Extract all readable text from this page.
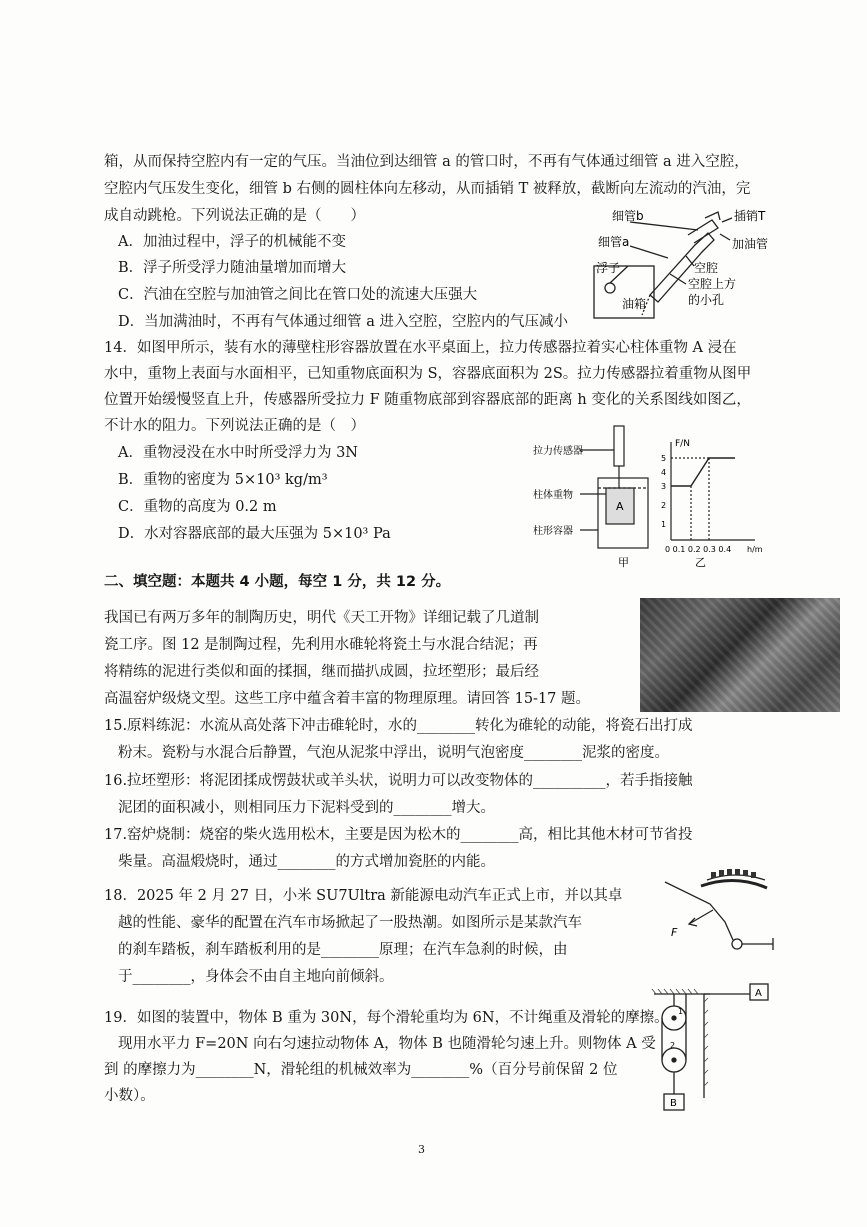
箱，从而保持空腔内有一定的气压。当油位到达细管 a 的管口时，不再有气体通过细管 a 进入空腔，
空腔内气压发生变化，细管 b 右侧的圆柱体向左移动，从而插销 T 被释放，截断向左流动的汽油，完
成自动跳枪。下列说法正确的是（　　）
A．加油过程中，浮子的机械能不变
B．浮子所受浮力随油量增加而增大
C．汽油在空腔与加油管之间比在管口处的流速大压强大
D．当加满油时，不再有气体通过细管 a 进入空腔，空腔内的气压减小
细管b	插销T
细管a	加油管
浮子	空腔
空腔上方
的小孔
油箱
14．如图甲所示，装有水的薄壁柱形容器放置在水平桌面上，拉力传感器拉着实心柱体重物 A 浸在
水中，重物上表面与水面相平，已知重物底面积为 S，容器底面积为 2S。拉力传感器拉着重物从图甲
位置开始缓慢竖直上升，传感器所受拉力 F 随重物底部到容器底部的距离 h 变化的关系图线如图乙，
不计水的阻力。下列说法正确的是（　）
A．重物浸没在水中时所受浮力为 3N
B．重物的密度为 5×10³ kg/m³
C．重物的高度为 0.2 m
D．水对容器底部的最大压强为 5×10³ Pa
拉力传感器
柱体重物
A
柱形容器
甲
F/N
5
4
3
2
1
0 0.1 0.2 0.3 0.4 h/m
乙
二、填空题：本题共 4 小题，每空 1 分，共 12 分。
我国已有两万多年的制陶历史，明代《天工开物》详细记载了几道制
瓷工序。图 12 是制陶过程，先利用水碓轮将瓷土与水混合结泥；再
将精练的泥进行类似和面的揉掴，继而描扒成圆，拉坯塑形；最后经
高温窑炉级烧文型。这些工序中蕴含着丰富的物理原理。请回答 15-17 题。
15.原料练泥：水流从高处落下冲击碓轮时，水的________转化为碓轮的动能，将瓷石出打成
粉末。瓷粉与水混合后静置，气泡从泥浆中浮出，说明气泡密度________泥浆的密度。
16.拉坯塑形：将泥团揉成愣鼓状或羊头状，说明力可以改变物体的__________，若手指接触
泥团的面积减小，则相同压力下泥料受到的________增大。
17.窑炉烧制：烧窑的柴火选用松木，主要是因为松木的________高，相比其他木材可节省投
柴量。高温煅烧时，通过________的方式增加瓷胚的内能。
18．2025 年 2 月 27 日，小米 SU7Ultra 新能源电动汽车正式上市，并以其卓
越的性能、豪华的配置在汽车市场掀起了一股热潮。如图所示是某款汽车
的刹车踏板，刹车踏板利用的是________原理；在汽车急刹的时候，由
于________，身体会不由自主地向前倾斜。
F
19．如图的装置中，物体 B 重为 30N，每个滑轮重均为 6N，不计绳重及滑轮的摩擦。
现用水平力 F=20N 向右匀速拉动物体 A，物体 B 也随滑轮匀速上升。则物体 A 受
到 的摩擦力为________N，滑轮组的机械效率为________%（百分号前保留 2 位
小数）。
A
B
1
2
3
